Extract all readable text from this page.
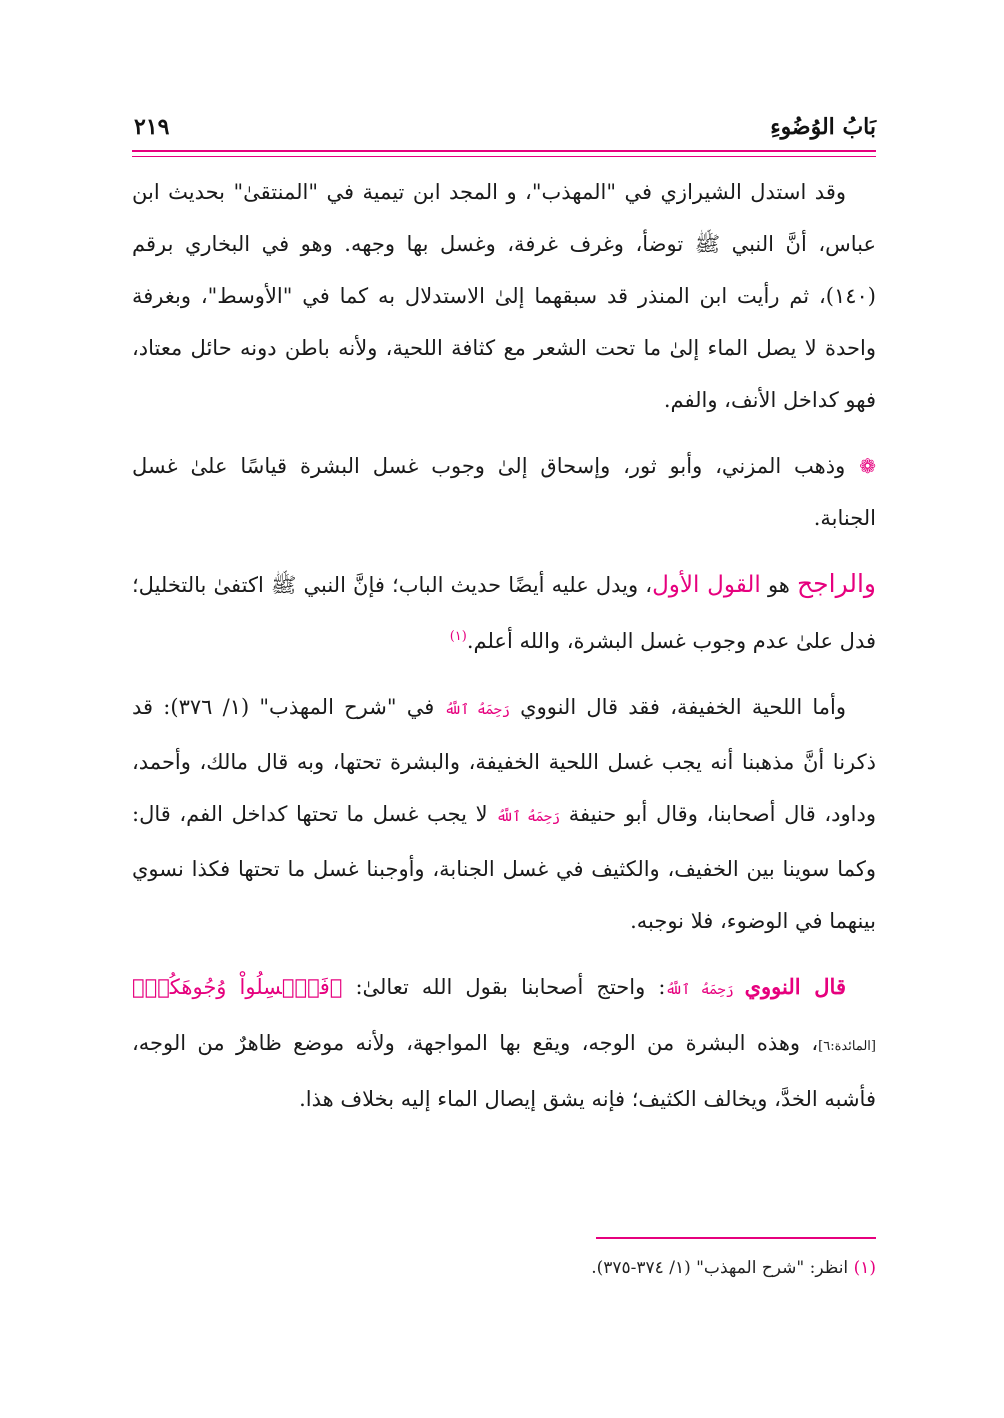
بَابُ الوُضُوءِ
٢١٩

وقد استدل الشيرازي في "المهذب"، و المجد ابن تيمية في "المنتقىٰ" بحديث ابن عباس، أنَّ النبي ﷺ توضأ، وغرف غرفة، وغسل بها وجهه. وهو في البخاري برقم (١٤٠)، ثم رأيت ابن المنذر قد سبقهما إلىٰ الاستدلال به كما في "الأوسط"، وبغرفة واحدة لا يصل الماء إلىٰ ما تحت الشعر مع كثافة اللحية، ولأنه باطن دونه حائل معتاد، فهو كداخل الأنف، والفم.

❁وذهب المزني، وأبو ثور، وإسحاق إلىٰ وجوب غسل البشرة قياسًا علىٰ غسل الجنابة.

والراجح هو القول الأول، ويدل عليه أيضًا حديث الباب؛ فإنَّ النبي ﷺ اكتفىٰ بالتخليل؛ فدل علىٰ عدم وجوب غسل البشرة، والله أعلم.$^{(١)}$

وأما اللحية الخفيفة، فقد قال النووي رَحِمَهُ ٱللَّهُ في "شرح المهذب" (١/ ٣٧٦): قد ذكرنا أنَّ مذهبنا أنه يجب غسل اللحية الخفيفة، والبشرة تحتها، وبه قال مالك، وأحمد، وداود، قال أصحابنا، وقال أبو حنيفة رَحِمَهُ ٱللَّهُ لا يجب غسل ما تحتها كداخل الفم، قال: وكما سوينا بين الخفيف، والكثيف في غسل الجنابة، وأوجبنا غسل ما تحتها فكذا نسوي بينهما في الوضوء، فلا نوجبه.

قال النووي رَحِمَهُ ٱللَّهُ: واحتج أصحابنا بقول الله تعالىٰ: ﴿فَٱغۡسِلُواْ وُجُوهَكُمۡ﴾ [المائدة:٦]، وهذه البشرة من الوجه، ويقع بها المواجهة، ولأنه موضع ظاهرٌ من الوجه، فأشبه الخدَّ، ويخالف الكثيف؛ فإنه يشق إيصال الماء إليه بخلاف هذا.

(١) انظر: "شرح المهذب" (١/ ٣٧٤-٣٧٥).
